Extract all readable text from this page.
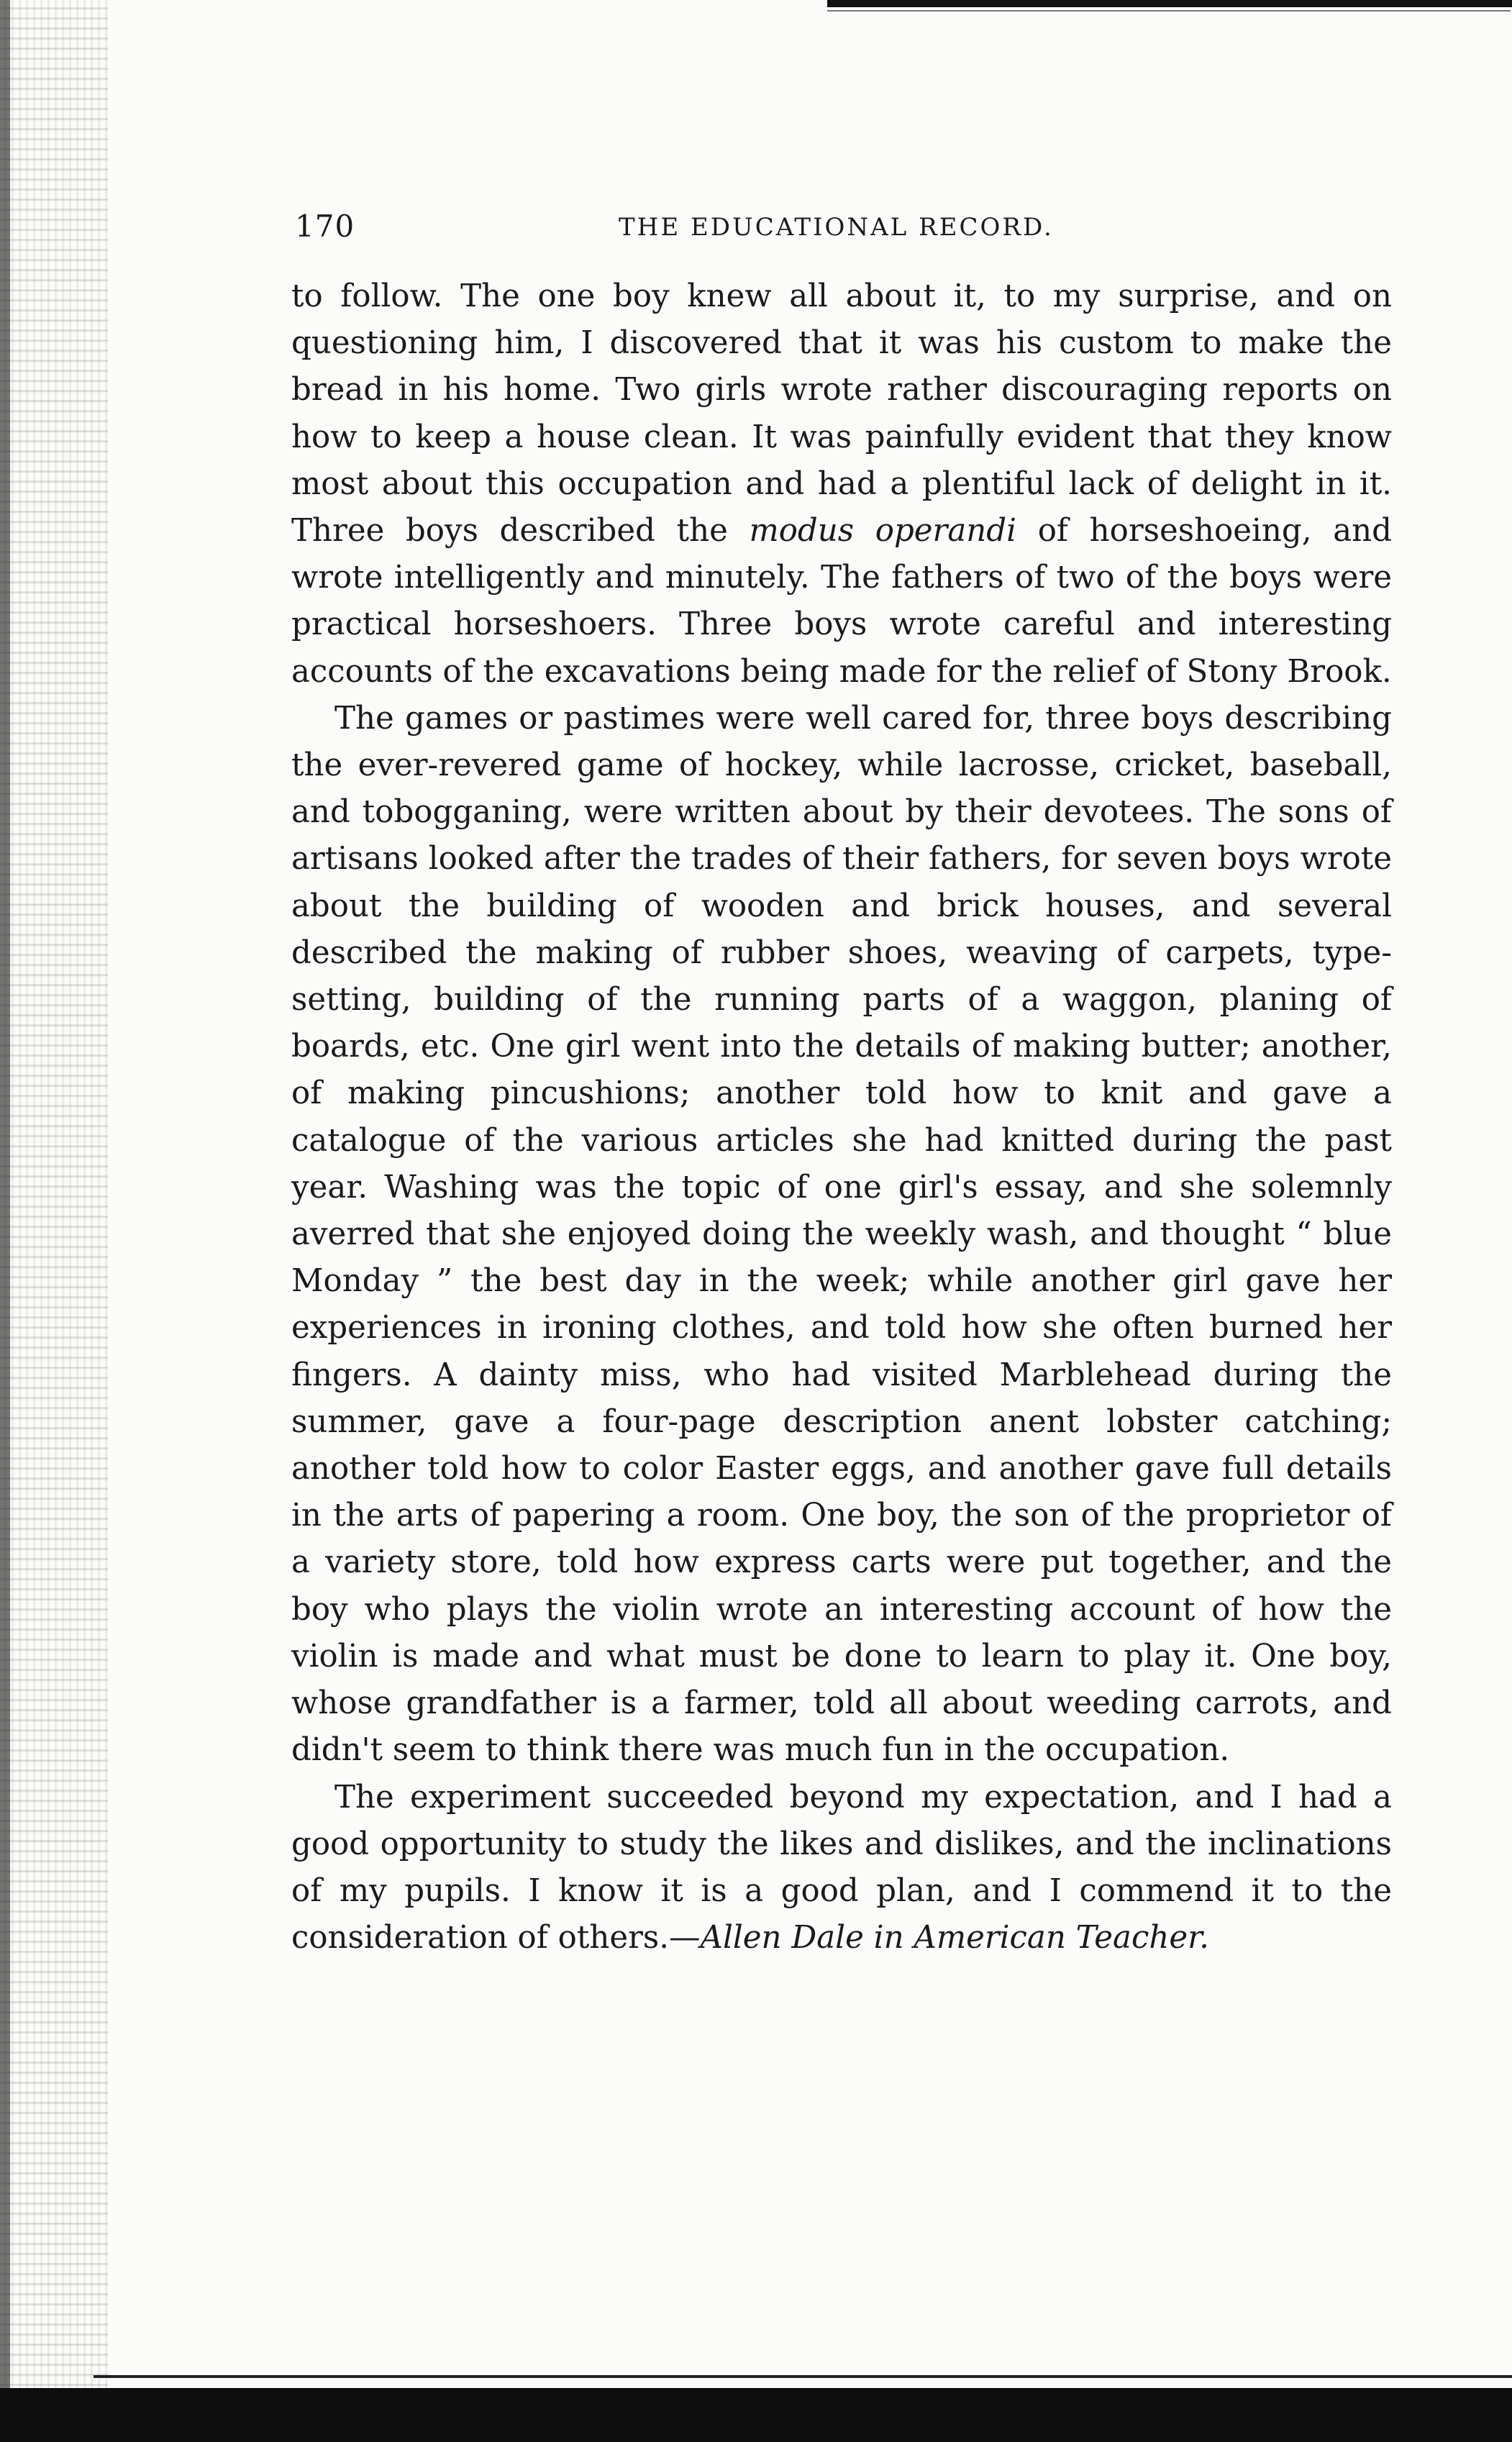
170	THE EDUCATIONAL RECORD.

to follow. The one boy knew all about it, to my surprise, and on questioning him, I discovered that it was his custom to make the bread in his home. Two girls wrote rather discouraging reports on how to keep a house clean. It was painfully evident that they know most about this occupation and had a plentiful lack of delight in it. Three boys described the modus operandi of horseshoeing, and wrote intelligently and minutely. The fathers of two of the boys were practical horseshoers. Three boys wrote careful and interesting accounts of the excavations being made for the relief of Stony Brook.

The games or pastimes were well cared for, three boys describing the ever-revered game of hockey, while lacrosse, cricket, baseball, and tobogganing, were written about by their devotees. The sons of artisans looked after the trades of their fathers, for seven boys wrote about the building of wooden and brick houses, and several described the making of rubber shoes, weaving of carpets, type-setting, building of the running parts of a waggon, planing of boards, etc. One girl went into the details of making butter; another, of making pincushions; another told how to knit and gave a catalogue of the various articles she had knitted during the past year. Washing was the topic of one girl's essay, and she solemnly averred that she enjoyed doing the weekly wash, and thought “ blue Monday ” the best day in the week; while another girl gave her experiences in ironing clothes, and told how she often burned her fingers. A dainty miss, who had visited Marblehead during the summer, gave a four-page description anent lobster catching; another told how to color Easter eggs, and another gave full details in the arts of papering a room. One boy, the son of the proprietor of a variety store, told how express carts were put together, and the boy who plays the violin wrote an interesting account of how the violin is made and what must be done to learn to play it. One boy, whose grandfather is a farmer, told all about weeding carrots, and didn't seem to think there was much fun in the occupation.

The experiment succeeded beyond my expectation, and I had a good opportunity to study the likes and dislikes, and the inclinations of my pupils. I know it is a good plan, and I commend it to the consideration of others.—Allen Dale in American Teacher.
